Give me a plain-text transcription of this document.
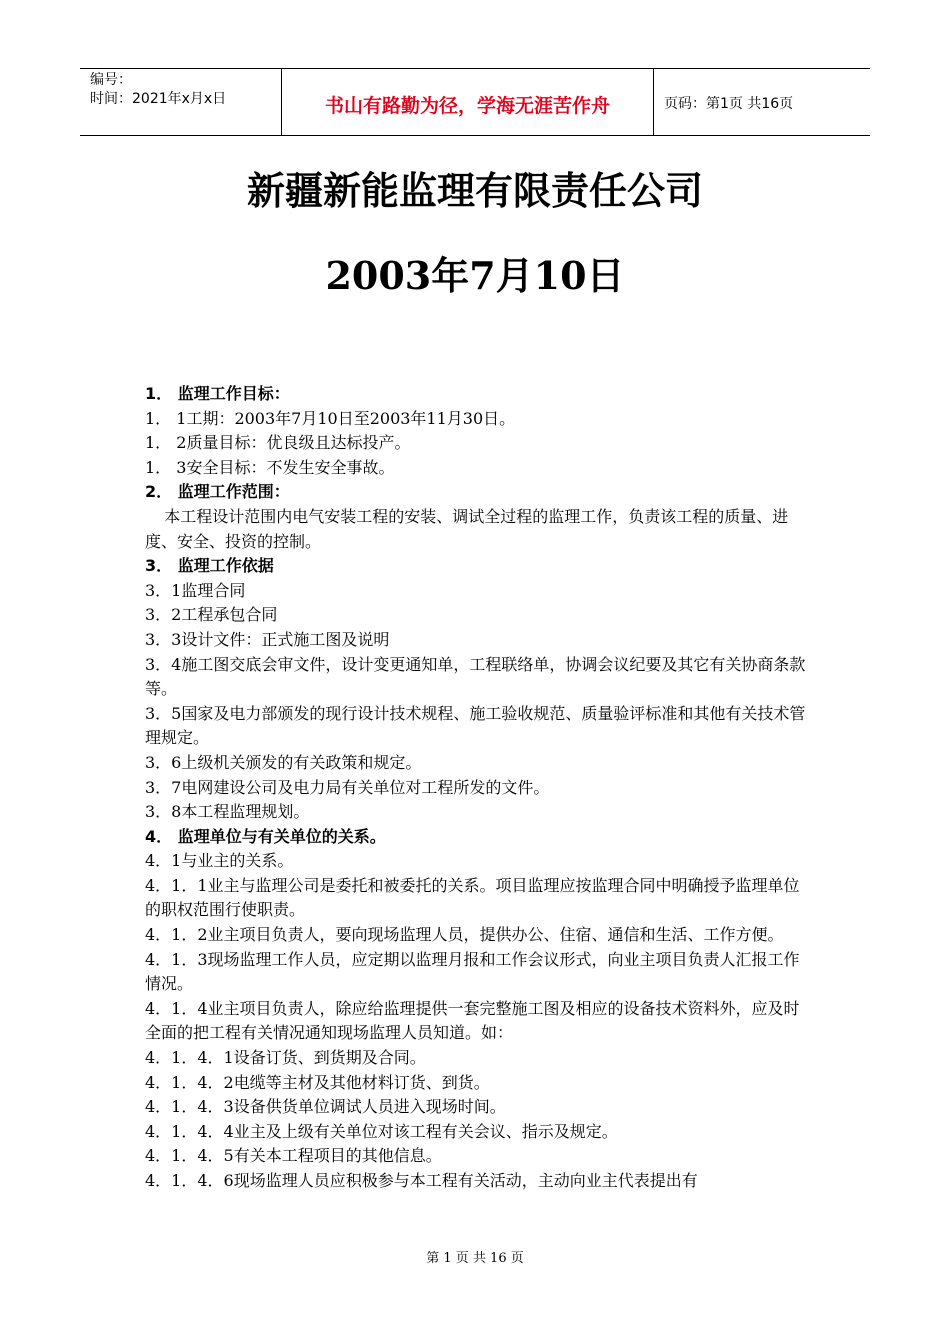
编号：
时间：2021年x月x日	书山有路勤为径，学海无涯苦作舟	页码：第1页 共16页
新疆新能监理有限责任公司
2003年7月10日

1． 监理工作目标：

1． 1工期：2003年7月10日至2003年11月30日。

1． 2质量目标：优良级且达标投产。

1． 3安全目标：不发生安全事故。

2． 监理工作范围：

本工程设计范围内电气安装工程的安装、调试全过程的监理工作，负责该工程的质量、进度、安全、投资的控制。

3． 监理工作依据

3．1监理合同

3．2工程承包合同

3．3设计文件：正式施工图及说明

3．4施工图交底会审文件，设计变更通知单，工程联络单，协调会议纪要及其它有关协商条款等。

3．5国家及电力部颁发的现行设计技术规程、施工验收规范、质量验评标准和其他有关技术管理规定。

3．6上级机关颁发的有关政策和规定。

3．7电网建设公司及电力局有关单位对工程所发的文件。

3．8本工程监理规划。

4． 监理单位与有关单位的关系。

4．1与业主的关系。

4．1．1业主与监理公司是委托和被委托的关系。项目监理应按监理合同中明确授予监理单位的职权范围行使职责。

4．1．2业主项目负责人，要向现场监理人员，提供办公、住宿、通信和生活、工作方便。

4．1．3现场监理工作人员，应定期以监理月报和工作会议形式，向业主项目负责人汇报工作情况。

4．1．4业主项目负责人，除应给监理提供一套完整施工图及相应的设备技术资料外，应及时全面的把工程有关情况通知现场监理人员知道。如：

4．1．4．1设备订货、到货期及合同。

4．1．4．2电缆等主材及其他材料订货、到货。

4．1．4．3设备供货单位调试人员进入现场时间。

4．1．4．4业主及上级有关单位对该工程有关会议、指示及规定。

4．1．4．5有关本工程项目的其他信息。

4．1．4．6现场监理人员应积极参与本工程有关活动，主动向业主代表提出有

第 1 页 共 16 页
